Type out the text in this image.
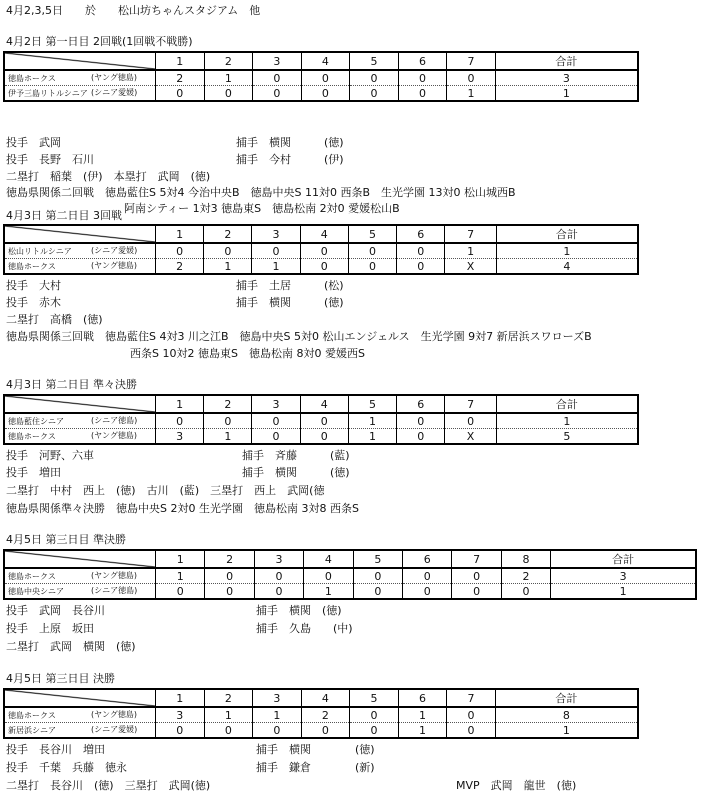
4月2,3,5日　　於　　松山坊ちゃんスタジアム　他
4月2日 第一日目 2回戦(1回戦不戦勝)
	1	2	3	4	5	6	7	合計
徳島ホークス (ヤング徳島)	2	1	0	0	0	0	0	3
伊予三島リトルシニア (シニア愛媛)	0	0	0	0	0	0	1	1
投手　武岡	捕手　横関　　　(徳)
投手　長野　石川	捕手　今村　　　(伊)
二塁打　稲葉　(伊)　本塁打　武岡　(徳)
徳島県関係二回戦　徳島藍住S 5対4 今治中央B　徳島中央S 11対0 西条B　生光学園 13対0 松山城西B
阿南シティー 1対3 徳島東S　徳島松南 2対0 愛媛松山B
4月3日 第二日目 3回戦
	1	2	3	4	5	6	7	合計
松山リトルシニア (シニア愛媛)	0	0	0	0	0	0	1	1
徳島ホークス (ヤング徳島)	2	1	1	0	0	0	X	4
投手　大村	捕手　土居　　　(松)
投手　赤木	捕手　横関　　　(徳)
二塁打　高橋　(徳)
徳島県関係三回戦　徳島藍住S 4対3 川之江B　徳島中央S 5対0 松山エンジェルス　生光学園 9対7 新居浜スワローズB
西条S 10対2 徳島東S　徳島松南 8対0 愛媛西S
4月3日 第二日目 準々決勝
	1	2	3	4	5	6	7	合計
徳島藍住シニア (シニア徳島)	0	0	0	0	1	0	0	1
徳島ホークス (ヤング徳島)	3	1	0	0	1	0	X	5
投手　河野、六車	捕手　斉藤　　　(藍)
投手　増田	捕手　横関　　　(徳)
二塁打　中村　西上　(徳)　古川　(藍)　三塁打　西上　武岡(徳
徳島県関係準々決勝　徳島中央S 2対0 生光学園　徳島松南 3対8 西条S
4月5日 第三日目 準決勝
	1	2	3	4	5	6	7	8	合計
徳島ホークス (ヤング徳島)	1	0	0	0	0	0	0	2	3
徳島中央シニア (シニア徳島)	0	0	0	1	0	0	0	0	1
投手　武岡　長谷川	捕手　横関　(徳)
投手　上原　坂田	捕手　久島　　(中)
二塁打　武岡　横関　(徳)
4月5日 第三日目 決勝
	1	2	3	4	5	6	7	合計
徳島ホークス (ヤング徳島)	3	1	1	2	0	1	0	8
新居浜シニア (シニア愛媛)	0	0	0	0	0	1	0	1
投手　長谷川　増田	捕手　横関　　　　(徳)
投手　千葉　兵藤　徳永	捕手　鎌倉　　　　(新)
二塁打　長谷川　(徳)　三塁打　武岡(徳)	MVP　武岡　龍世　(徳)
